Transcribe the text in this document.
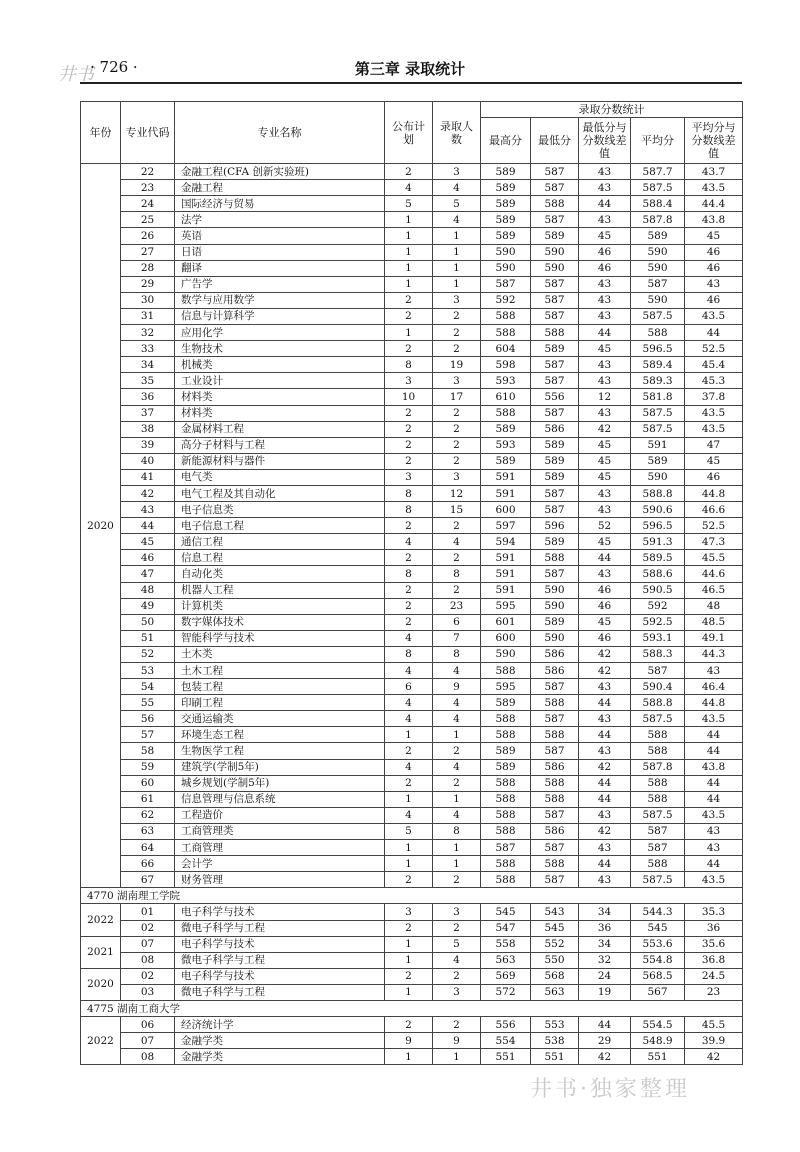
井书
· 726 ·	第三章 录取统计
年份	专业代码	专业名称	公布计划	录取人数	录取分数统计				
					最高分	最低分	最低分与分数线差值	平均分	平均分与分数线差值
2020	22	金融工程(CFA 创新实验班)	2	3	589	587	43	587.7	43.7
	23	金融工程	4	4	589	587	43	587.5	43.5
	24	国际经济与贸易	5	5	589	588	44	588.4	44.4
	25	法学	1	4	589	587	43	587.8	43.8
	26	英语	1	1	589	589	45	589	45
	27	日语	1	1	590	590	46	590	46
	28	翻译	1	1	590	590	46	590	46
	29	广告学	1	1	587	587	43	587	43
	30	数学与应用数学	2	3	592	587	43	590	46
	31	信息与计算科学	2	2	588	587	43	587.5	43.5
	32	应用化学	1	2	588	588	44	588	44
	33	生物技术	2	2	604	589	45	596.5	52.5
	34	机械类	8	19	598	587	43	589.4	45.4
	35	工业设计	3	3	593	587	43	589.3	45.3
	36	材料类	10	17	610	556	12	581.8	37.8
	37	材料类	2	2	588	587	43	587.5	43.5
	38	金属材料工程	2	2	589	586	42	587.5	43.5
	39	高分子材料与工程	2	2	593	589	45	591	47
	40	新能源材料与器件	2	2	589	589	45	589	45
	41	电气类	3	3	591	589	45	590	46
	42	电气工程及其自动化	8	12	591	587	43	588.8	44.8
	43	电子信息类	8	15	600	587	43	590.6	46.6
	44	电子信息工程	2	2	597	596	52	596.5	52.5
	45	通信工程	4	4	594	589	45	591.3	47.3
	46	信息工程	2	2	591	588	44	589.5	45.5
	47	自动化类	8	8	591	587	43	588.6	44.6
	48	机器人工程	2	2	591	590	46	590.5	46.5
	49	计算机类	2	23	595	590	46	592	48
	50	数字媒体技术	2	6	601	589	45	592.5	48.5
	51	智能科学与技术	4	7	600	590	46	593.1	49.1
	52	土木类	8	8	590	586	42	588.3	44.3
	53	土木工程	4	4	588	586	42	587	43
	54	包装工程	6	9	595	587	43	590.4	46.4
	55	印刷工程	4	4	589	588	44	588.8	44.8
	56	交通运输类	4	4	588	587	43	587.5	43.5
	57	环境生态工程	1	1	588	588	44	588	44
	58	生物医学工程	2	2	589	587	43	588	44
	59	建筑学(学制5年)	4	4	589	586	42	587.8	43.8
	60	城乡规划(学制5年)	2	2	588	588	44	588	44
	61	信息管理与信息系统	1	1	588	588	44	588	44
	62	工程造价	4	4	588	587	43	587.5	43.5
	63	工商管理类	5	8	588	586	42	587	43
	64	工商管理	1	1	587	587	43	587	43
	66	会计学	1	1	588	588	44	588	44
	67	财务管理	2	2	588	587	43	587.5	43.5
4770 湖南理工学院									
2022	01	电子科学与技术	3	3	545	543	34	544.3	35.3
	02	微电子科学与工程	2	2	547	545	36	545	36
2021	07	电子科学与技术	1	5	558	552	34	553.6	35.6
	08	微电子科学与工程	1	4	563	550	32	554.8	36.8
2020	02	电子科学与技术	2	2	569	568	24	568.5	24.5
	03	微电子科学与工程	1	3	572	563	19	567	23
4775 湖南工商大学									
2022	06	经济统计学	2	2	556	553	44	554.5	45.5
	07	金融学类	9	9	554	538	29	548.9	39.9
	08	金融学类	1	1	551	551	42	551	42
井书·独家整理
